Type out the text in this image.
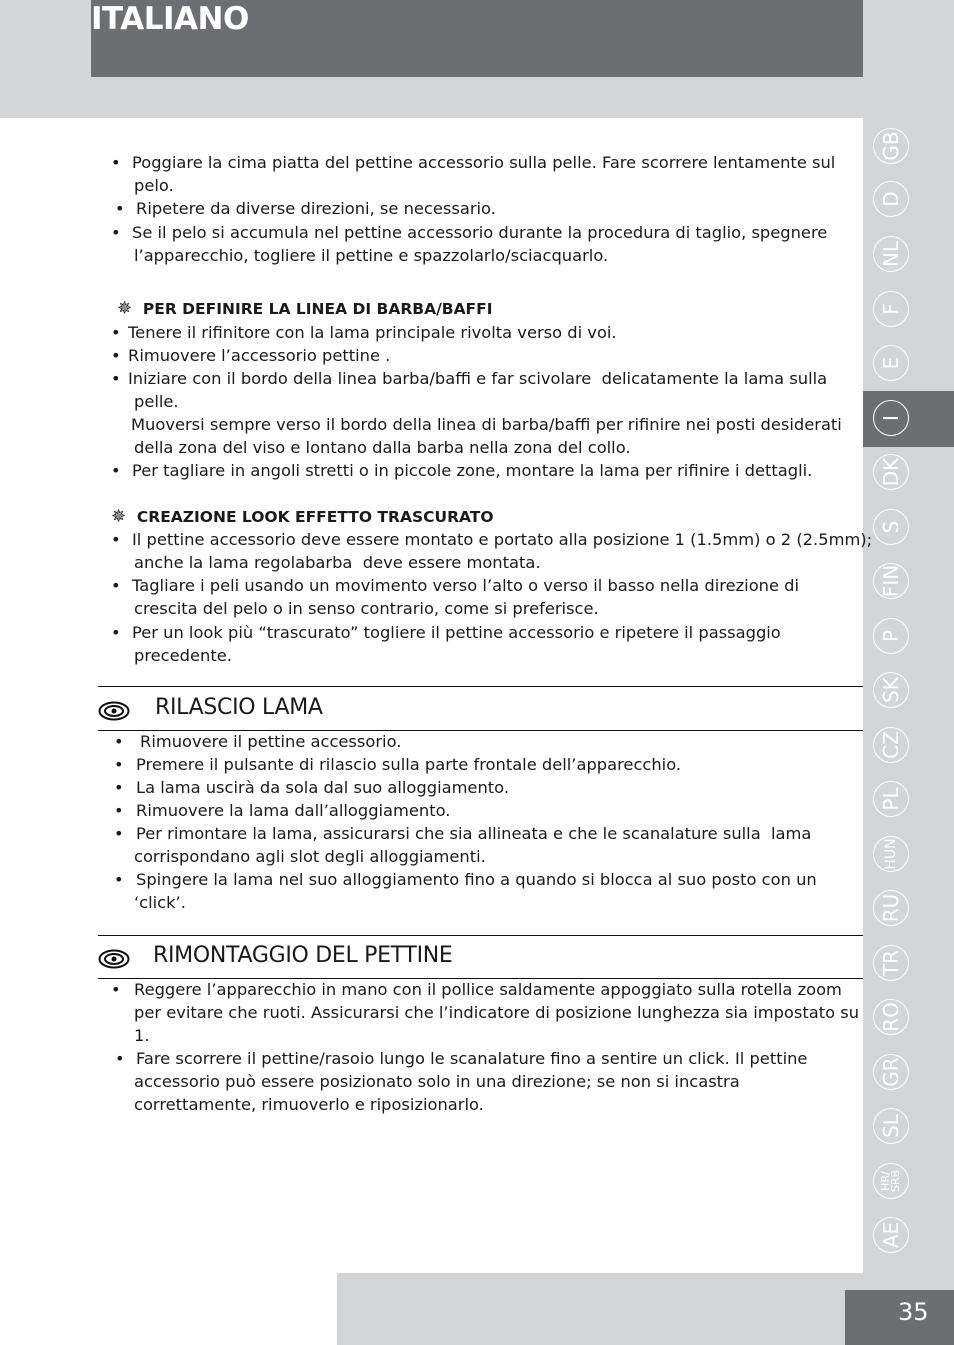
ITALIANO
35
• Poggiare la cima piatta del pettine accessorio sulla pelle. Fare scorrere lentamente sul
pelo.
• Ripetere da diverse direzioni, se necessario.
• Se il pelo si accumula nel pettine accessorio durante la procedura di taglio, spegnere
l’apparecchio, togliere il pettine e spazzolarlo/sciacquarlo.
✵ PER DEFINIRE LA LINEA DI BARBA/BAFFI
• Tenere il rifinitore con la lama principale rivolta verso di voi.
• Rimuovere l’accessorio pettine .
• Iniziare con il bordo della linea barba/baffi e far scivolare  delicatamente la lama sulla
pelle.
Muoversi sempre verso il bordo della linea di barba/baffi per rifinire nei posti desiderati
della zona del viso e lontano dalla barba nella zona del collo.
• Per tagliare in angoli stretti o in piccole zone, montare la lama per rifinire i dettagli.
✵ CREAZIONE LOOK EFFETTO TRASCURATO
• Il pettine accessorio deve essere montato e portato alla posizione 1 (1.5mm) o 2 (2.5mm);
anche la lama regolabarba  deve essere montata.
• Tagliare i peli usando un movimento verso l’alto o verso il basso nella direzione di
crescita del pelo o in senso contrario, come si preferisce.
• Per un look più “trascurato” togliere il pettine accessorio e ripetere il passaggio
precedente.
RILASCIO LAMA
• Rimuovere il pettine accessorio.
• Premere il pulsante di rilascio sulla parte frontale dell’apparecchio.
• La lama uscirà da sola dal suo alloggiamento.
• Rimuovere la lama dall’alloggiamento.
• Per rimontare la lama, assicurarsi che sia allineata e che le scanalature sulla  lama
corrispondano agli slot degli alloggiamenti.
• Spingere la lama nel suo alloggiamento fino a quando si blocca al suo posto con un
‘click’.
RIMONTAGGIO DEL PETTINE
• Reggere l’apparecchio in mano con il pollice saldamente appoggiato sulla rotella zoom
per evitare che ruoti. Assicurarsi che l’indicatore di posizione lunghezza sia impostato su
1.
• Fare scorrere il pettine/rasoio lungo le scanalature fino a sentire un click. Il pettine
accessorio può essere posizionato solo in una direzione; se non si incastra
correttamente, rimuoverlo e riposizionarlo.
GB
D
NL
F
E
I
DK
S
FIN
P
SK
CZ
PL
HUN
RU
TR
RO
GR
SL
HR/ SRB
AE
